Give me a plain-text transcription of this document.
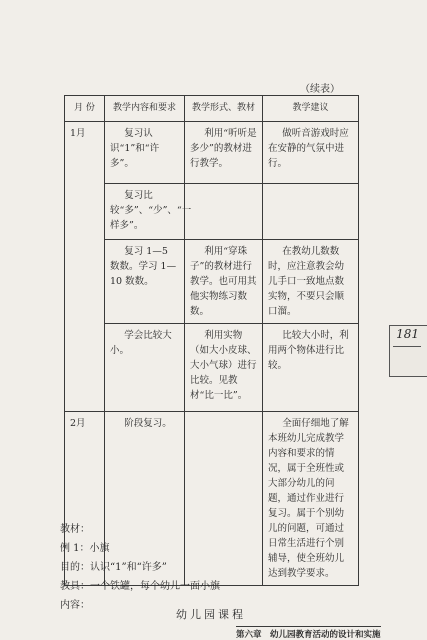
（续表）
月 份	教学内容和要求	教学形式、教材	教学建议
1月	复习认识“1”和“许多”。	利用“听听是多少”的教材进行教学。	做听音游戏时应在安静的气氛中进行。
	复习比较“多”、“少”、“一样多”。		
	复习 1—5 数数。学习 1—10 数数。	利用“穿珠子”的教材进行教学。也可用其他实物练习数数。	在教幼儿数数时，应注意教会幼儿手口一致地点数实物，不要只会顺口溜。
	学会比较大小。	利用实物（如大小皮球、大小气球）进行比较。见教材“比一比”。	比较大小时，利用两个物体进行比较。
2月	阶段复习。		全面仔细地了解本班幼儿完成教学内容和要求的情况，属于全班性或大部分幼儿的问题，通过作业进行复习。属于个别幼儿的问题，可通过日常生活进行个别辅导，使全班幼儿达到教学要求。
181
教材：
例 1：小旗
目的：认识“1”和“许多”
教具：一个铁罐，每个幼儿一面小旗
内容：
幼儿园课程
第六章　幼儿园教育活动的设计和实施
